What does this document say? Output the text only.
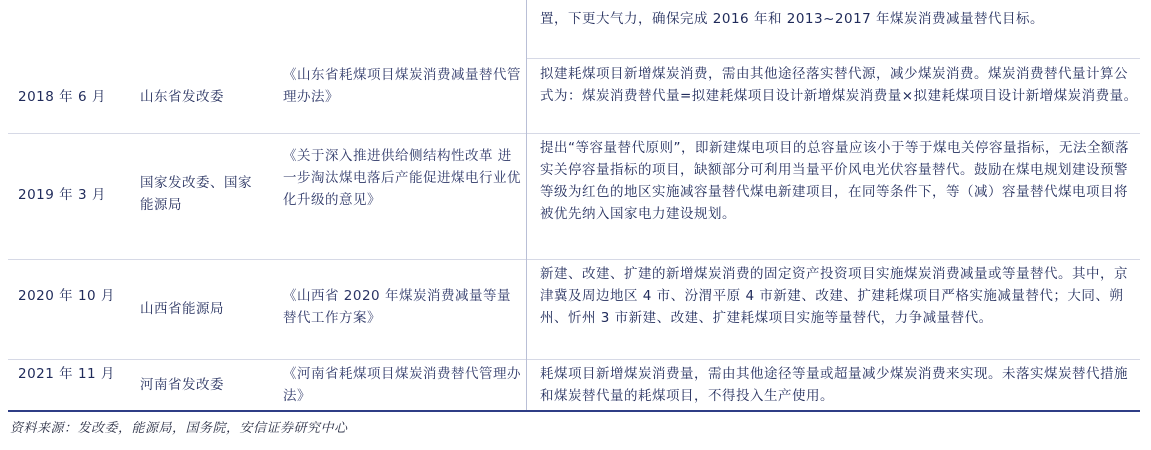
置，下更大气力，确保完成 2016 年和 2013~2017 年煤炭消费减量替代目标。
2018 年 6 月	山东省发改委
《山东省耗煤项目煤炭消费减量替代管理办法》
拟建耗煤项目新增煤炭消费，需由其他途径落实替代源，减少煤炭消费。煤炭消费替代量计算公式为：煤炭消费替代量=拟建耗煤项目设计新增煤炭消费量×拟建耗煤项目设计新增煤炭消费量。
2019 年 3 月
国家发改委、国家能源局
《关于深入推进供给侧结构性改革 进一步淘汰煤电落后产能促进煤电行业优化升级的意见》
提出“等容量替代原则”，即新建煤电项目的总容量应该小于等于煤电关停容量指标，无法全额落实关停容量指标的项目，缺额部分可利用当量平价风电光伏容量替代。鼓励在煤电规划建设预警等级为红色的地区实施减容量替代煤电新建项目，在同等条件下，等（减）容量替代煤电项目将被优先纳入国家电力建设规划。
2020 年 10 月
山西省能源局
《山西省 2020 年煤炭消费减量等量替代工作方案》
新建、改建、扩建的新增煤炭消费的固定资产投资项目实施煤炭消费减量或等量替代。其中，京津冀及周边地区 4 市、汾渭平原 4 市新建、改建、扩建耗煤项目严格实施减量替代；大同、朔州、忻州 3 市新建、改建、扩建耗煤项目实施等量替代，力争减量替代。
2021 年 11 月
河南省发改委
《河南省耗煤项目煤炭消费替代管理办法》
耗煤项目新增煤炭消费量，需由其他途径等量或超量减少煤炭消费来实现。未落实煤炭替代措施和煤炭替代量的耗煤项目，不得投入生产使用。
资料来源：发改委，能源局，国务院，安信证券研究中心
